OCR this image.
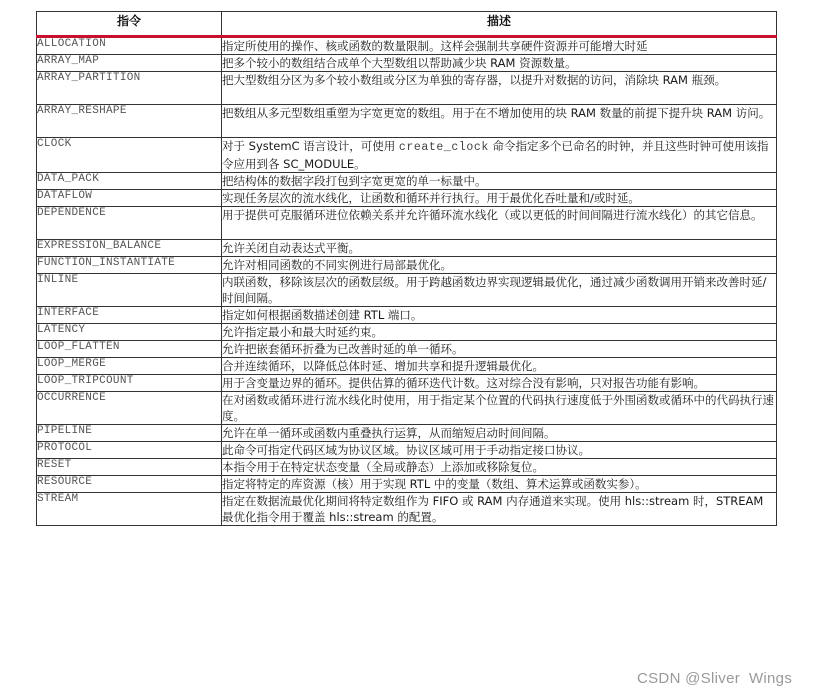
指令	描述
ALLOCATION	指定所使用的操作、核或函数的数量限制。这样会强制共享硬件资源并可能增大时延
ARRAY_MAP	把多个较小的数组结合成单个大型数组以帮助减少块 RAM 资源数量。
ARRAY_PARTITION	把大型数组分区为多个较小数组或分区为单独的寄存器，以提升对数据的访问，消除块 RAM 瓶颈。
ARRAY_RESHAPE	把数组从多元型数组重塑为字宽更宽的数组。用于在不增加使用的块 RAM 数量的前提下提升块 RAM 访问。
CLOCK	对于 SystemC 语言设计，可使用 create_clock 命令指定多个已命名的时钟，并且这些时钟可使用该指令应用到各 SC_MODULE。
DATA_PACK	把结构体的数据字段打包到字宽更宽的单一标量中。
DATAFLOW	实现任务层次的流水线化，让函数和循环并行执行。用于最优化吞吐量和/或时延。
DEPENDENCE	用于提供可克服循环进位依赖关系并允许循环流水线化（或以更低的时间间隔进行流水线化）的其它信息。
EXPRESSION_BALANCE	允许关闭自动表达式平衡。
FUNCTION_INSTANTIATE	允许对相同函数的不同实例进行局部最优化。
INLINE	内联函数，移除该层次的函数层级。用于跨越函数边界实现逻辑最优化，通过减少函数调用开销来改善时延/时间间隔。
INTERFACE	指定如何根据函数描述创建 RTL 端口。
LATENCY	允许指定最小和最大时延约束。
LOOP_FLATTEN	允许把嵌套循环折叠为已改善时延的单一循环。
LOOP_MERGE	合并连续循环，以降低总体时延、增加共享和提升逻辑最优化。
LOOP_TRIPCOUNT	用于含变量边界的循环。提供估算的循环迭代计数。这对综合没有影响，只对报告功能有影响。
OCCURRENCE	在对函数或循环进行流水线化时使用，用于指定某个位置的代码执行速度低于外围函数或循环中的代码执行速度。
PIPELINE	允许在单一循环或函数内重叠执行运算，从而缩短启动时间间隔。
PROTOCOL	此命令可指定代码区域为协议区域。协议区域可用于手动指定接口协议。
RESET	本指令用于在特定状态变量（全局或静态）上添加或移除复位。
RESOURCE	指定将特定的库资源（核）用于实现 RTL 中的变量（数组、算术运算或函数实参）。
STREAM	指定在数据流最优化期间将特定数组作为 FIFO 或 RAM 内存通道来实现。使用 hls::stream 时，STREAM 最优化指令用于覆盖 hls::stream 的配置。
CSDN @Sliver  Wings
